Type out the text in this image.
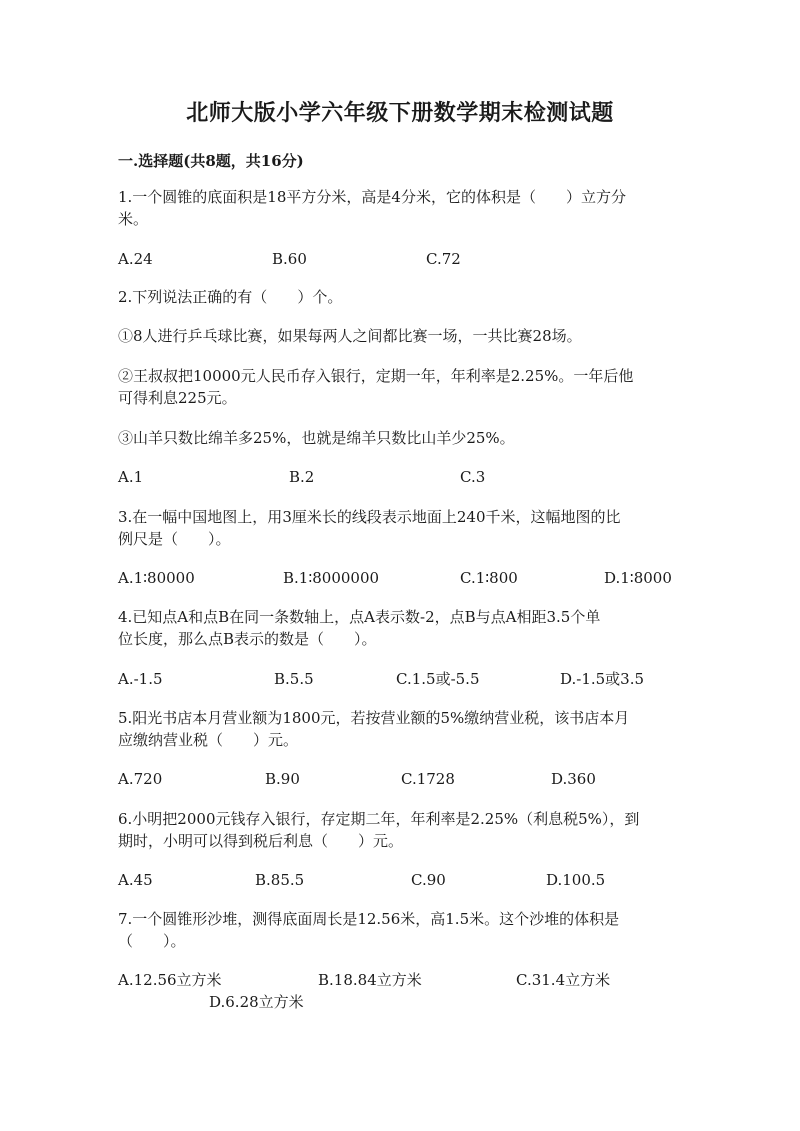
北师大版小学六年级下册数学期末检测试题
一.选择题(共8题，共16分)
1.一个圆锥的底面积是18平方分米，高是4分米，它的体积是（　　）立方分
米。
A.24	B.60	C.72
2.下列说法正确的有（　　）个。
①8人进行乒乓球比赛，如果每两人之间都比赛一场，一共比赛28场。
②王叔叔把10000元人民币存入银行，定期一年，年利率是2.25%。一年后他
可得利息225元。
③山羊只数比绵羊多25%，也就是绵羊只数比山羊少25%。
A.1	B.2	C.3
3.在一幅中国地图上，用3厘米长的线段表示地面上240千米，这幅地图的比
例尺是（　　）。
A.1∶80000	B.1∶8000000	C.1∶800	D.1∶8000
4.已知点A和点B在同一条数轴上，点A表示数-2，点B与点A相距3.5个单
位长度，那么点B表示的数是（　　）。
A.-1.5	B.5.5	C.1.5或-5.5	D.-1.5或3.5
5.阳光书店本月营业额为1800元，若按营业额的5%缴纳营业税，该书店本月
应缴纳营业税（　　）元。
A.720	B.90	C.1728	D.360
6.小明把2000元钱存入银行，存定期二年，年利率是2.25%（利息税5%），到
期时，小明可以得到税后利息（　　）元。
A.45	B.85.5	C.90	D.100.5
7.一个圆锥形沙堆，测得底面周长是12.56米，高1.5米。这个沙堆的体积是
（　　）。
A.12.56立方米	B.18.84立方米	C.31.4立方米
D.6.28立方米
